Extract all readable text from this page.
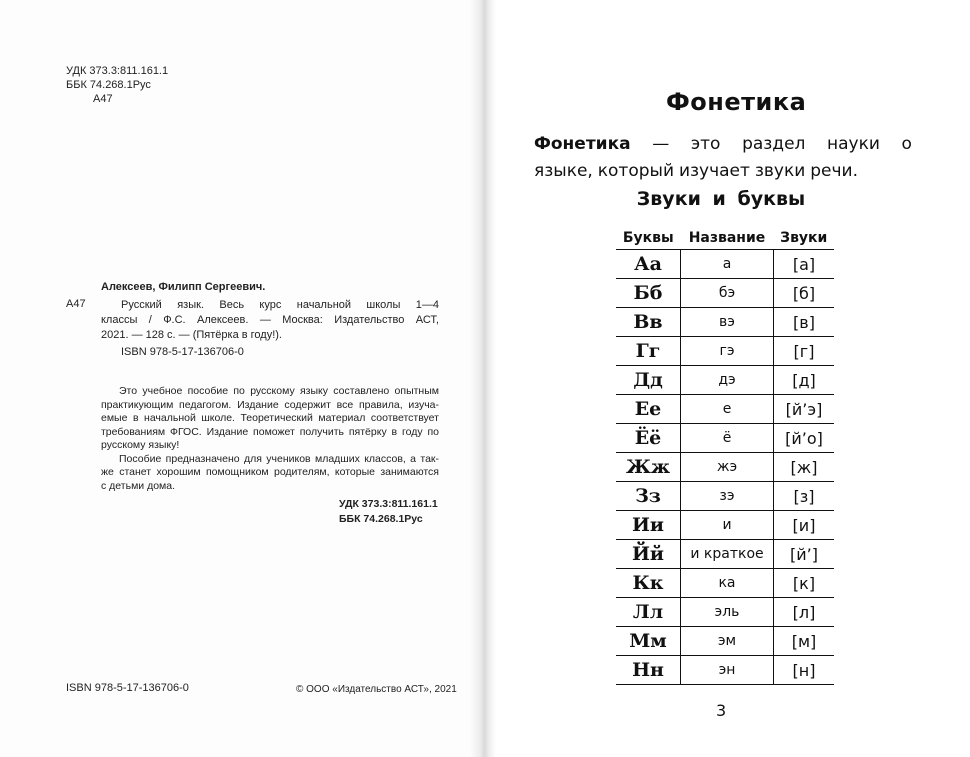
УДК 373.3:811.161.1
ББК 74.268.1Рус
А47
Алексеев, Филипп Сергеевич.
А47	Русский язык. Весь курс начальной школы 1—4
классы / Ф.С. Алексеев. — Москва: Издательство АСТ,
2021. — 128 с. — (Пятёрка в году!).
ISBN 978-5-17-136706-0
Это учебное пособие по русскому языку составлено опытным
практикующим педагогом. Издание содержит все правила, изуча-
емые в начальной школе. Теоретический материал соответствует
требованиям ФГОС. Издание поможет получить пятёрку в году по
русскому языку!
Пособие предназначено для учеников младших классов, а так-
же станет хорошим помощником родителям, которые занимаются
с детьми дома.
УДК 373.3:811.161.1
ББК 74.268.1Рус
ISBN 978-5-17-136706-0	© ООО «Издательство АСТ», 2021
Фонетика
Фонетика — это раздел науки о
языке, который изучает звуки речи.
Звуки и буквы
Буквы	Название	Звуки
Аа	а	[а]
Бб	бэ	[б]
Вв	вэ	[в]
Гг	гэ	[г]
Дд	дэ	[д]
Ее	е	[й’э]
Ёё	ё	[й’о]
Жж	жэ	[ж]
Зз	зэ	[з]
Ии	и	[и]
Йй	и краткое	[й’]
Кк	ка	[к]
Лл	эль	[л]
Мм	эм	[м]
Нн	эн	[н]
3
